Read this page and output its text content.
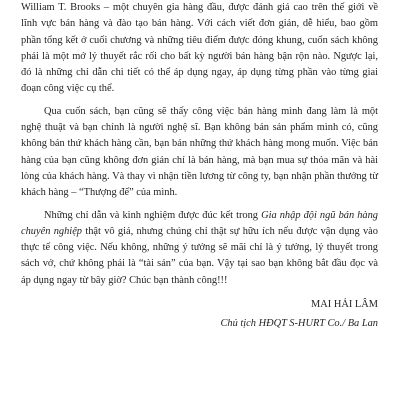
William T. Brooks – một chuyên gia hàng đầu, được đánh giá cao trên thế giới về lĩnh vực bán hàng và đào tạo bán hàng. Với cách viết đơn giản, dễ hiểu, bao gồm phần tổng kết ở cuối chương và những tiêu điểm được đóng khung, cuốn sách không phải là một mớ lý thuyết rắc rối cho bất kỳ người bán hàng bận rộn nào. Ngược lại, đó là những chỉ dẫn chi tiết có thể áp dụng ngay, áp dụng từng phần vào từng giai đoạn công việc cụ thể.

Qua cuốn sách, bạn cũng sẽ thấy công việc bán hàng mình đang làm là một nghệ thuật và bạn chính là người nghệ sĩ. Bạn không bán sản phẩm mình có, cũng không bán thứ khách hàng cần, bạn bán những thứ khách hàng mong muốn. Việc bán hàng của bạn cũng không đơn giản chỉ là bán hàng, mà bạn mua sự thỏa mãn và hài lòng của khách hàng. Và thay vì nhận tiền lương từ công ty, bạn nhận phần thưởng từ khách hàng – “Thượng đế” của mình.

Những chỉ dẫn và kinh nghiệm được đúc kết trong Gia nhập đội ngũ bán hàng chuyên nghiệp thật vô giá, nhưng chúng chỉ thật sự hữu ích nếu được vận dụng vào thực tế công việc. Nếu không, những ý tưởng sẽ mãi chỉ là ý tưởng, lý thuyết trong sách vở, chứ không phải là “tài sản” của bạn. Vậy tại sao bạn không bắt đầu đọc và áp dụng ngay từ bây giờ? Chúc bạn thành công!!!

MAI HẢI LÂM

Chủ tịch HĐQT S-HURT Co./ Ba Lan
